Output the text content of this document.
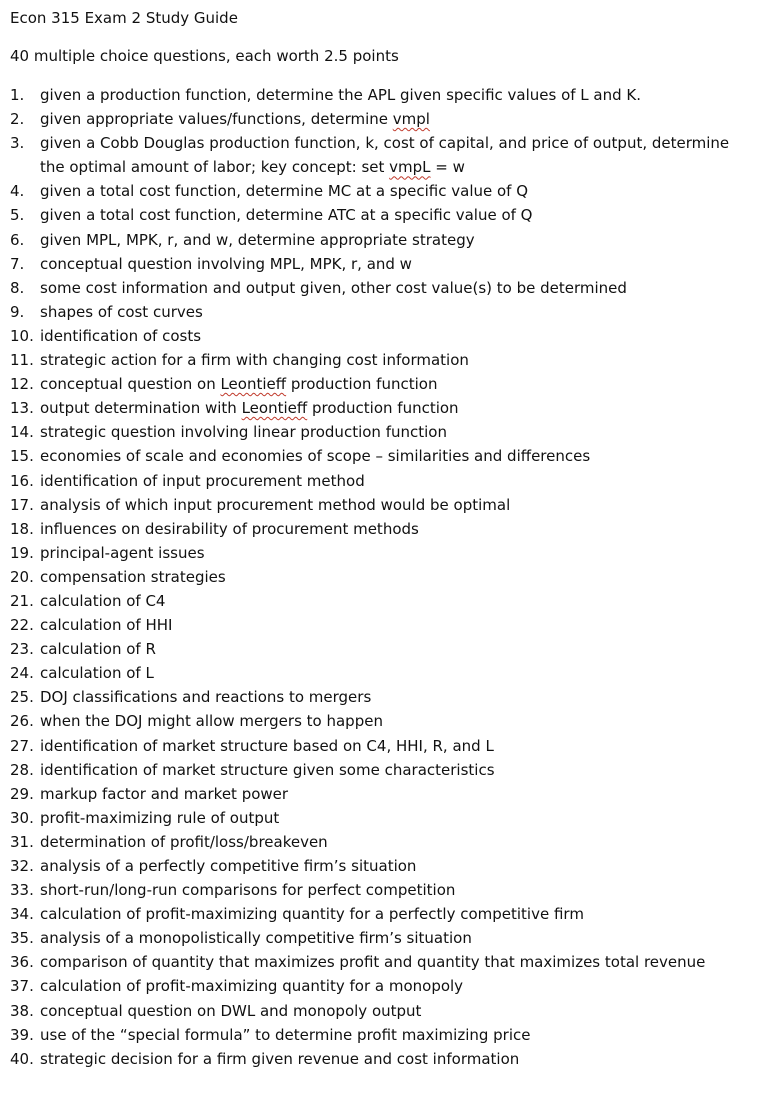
Econ 315 Exam 2 Study Guide

40 multiple choice questions, each worth 2.5 points

1.	given a production function, determine the APL given specific values of L and K.
2.	given appropriate values/functions, determine vmpl
3.	given a Cobb Douglas production function, k, cost of capital, and price of output, determine the optimal amount of labor; key concept: set vmpL = w
4.	given a total cost function, determine MC at a specific value of Q
5.	given a total cost function, determine ATC at a specific value of Q
6.	given MPL, MPK, r, and w, determine appropriate strategy
7.	conceptual question involving MPL, MPK, r, and w
8.	some cost information and output given, other cost value(s) to be determined
9.	shapes of cost curves
10. identification of costs
11. strategic action for a firm with changing cost information
12. conceptual question on Leontieff production function
13. output determination with Leontieff production function
14. strategic question involving linear production function
15. economies of scale and economies of scope – similarities and differences
16. identification of input procurement method
17. analysis of which input procurement method would be optimal
18. influences on desirability of procurement methods
19. principal-agent issues
20. compensation strategies
21. calculation of C4
22. calculation of HHI
23. calculation of R
24. calculation of L
25. DOJ classifications and reactions to mergers
26. when the DOJ might allow mergers to happen
27. identification of market structure based on C4, HHI, R, and L
28. identification of market structure given some characteristics
29. markup factor and market power
30. profit-maximizing rule of output
31. determination of profit/loss/breakeven
32. analysis of a perfectly competitive firm’s situation
33. short-run/long-run comparisons for perfect competition
34. calculation of profit-maximizing quantity for a perfectly competitive firm
35. analysis of a monopolistically competitive firm’s situation
36. comparison of quantity that maximizes profit and quantity that maximizes total revenue
37. calculation of profit-maximizing quantity for a monopoly
38. conceptual question on DWL and monopoly output
39. use of the “special formula” to determine profit maximizing price
40. strategic decision for a firm given revenue and cost information
